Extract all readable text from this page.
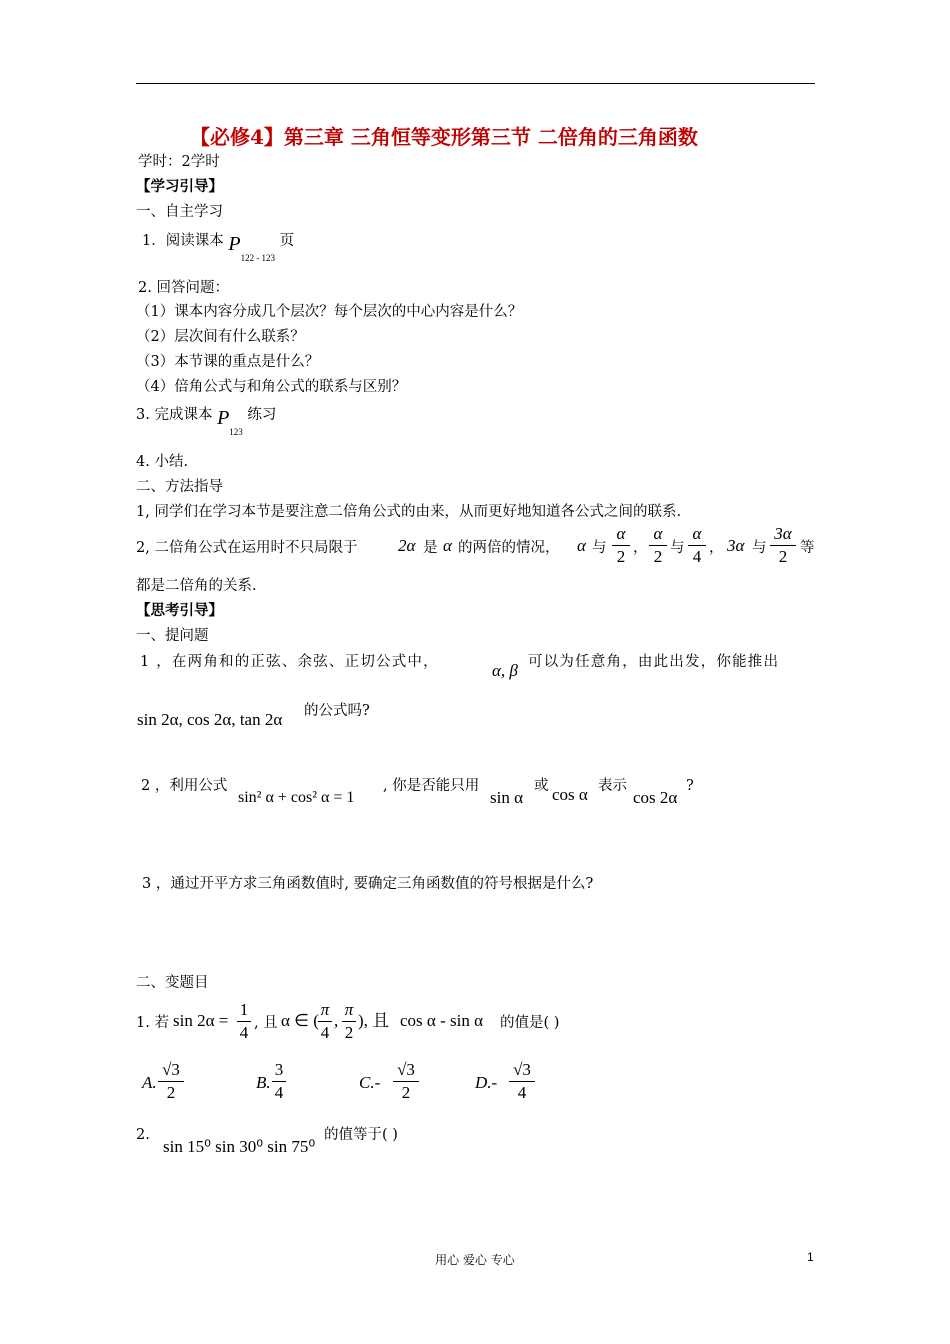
【必修4】第三章 三角恒等变形第三节 二倍角的三角函数
学时：2学时
【学习引导】
一、自主学习
1．阅读课本 $P_{122 - 123}$ 页
2. 回答问题：
（1）课本内容分成几个层次？每个层次的中心内容是什么？
（2）层次间有什么联系？
（3）本节课的重点是什么？
（4）倍角公式与和角公式的联系与区别？
3. 完成课本 $P_{123}$ 练习
4. 小结.
二、方法指导
1, 同学们在学习本节是要注意二倍角公式的由来，从而更好地知道各公式之间的联系.
2, 二倍角公式在运用时不只局限于 2α 是 α 的两倍的情况， α 与
α
2 ，
α
2 与
α
4 ， 3α 与
3α
2 等
都是二倍角的关系.
【思考引导】
一、提问题
1 ，在两角和的正弦、余弦、正切公式中，	α, β 可以为任意角，由此出发，你能推出
sin 2α, cos 2α, tan 2α 的公式吗?
2 ，利用公式
sin² α + cos² α = 1
, 你是否能只用
sin α
或 cos α 表示
cos 2α
?
3 ，通过开平方求三角函数值时, 要确定三角函数值的符号根据是什么?
二、变题目
1. 若 sin 2α =
1
4 , 且 α ∈ (
π
4
,
π
2
), 且 cos α - sin α 的值是( )
A.
√3
2
B.
3
4
C.-
√3
2
D.-
√3
4
2.
sin 15⁰ sin 30⁰ sin 75⁰
的值等于( )
用心 爱心 专心	1
